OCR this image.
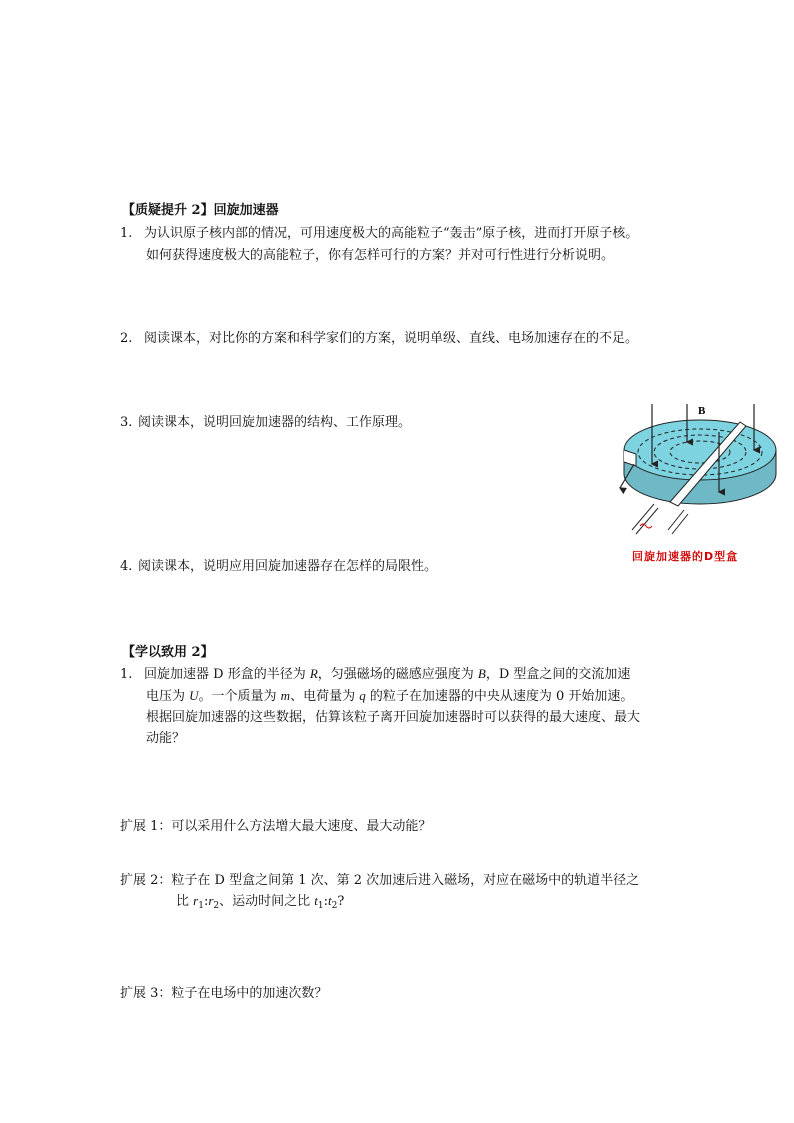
【质疑提升 2】回旋加速器
1. 为认识原子核内部的情况，可用速度极大的高能粒子“轰击”原子核，进而打开原子核。
如何获得速度极大的高能粒子，你有怎样可行的方案？并对可行性进行分析说明。
2. 阅读课本，对比你的方案和科学家们的方案，说明单级、直线、电场加速存在的不足。
3. 阅读课本，说明回旋加速器的结构、工作原理。
4. 阅读课本，说明应用回旋加速器存在怎样的局限性。
B
回旋加速器的D型盒
【学以致用 2】
1. 回旋加速器 D 形盒的半径为 R，匀强磁场的磁感应强度为 B，D 型盒之间的交流加速
电压为 U。一个质量为 m、电荷量为 q 的粒子在加速器的中央从速度为 0 开始加速。
根据回旋加速器的这些数据，估算该粒子离开回旋加速器时可以获得的最大速度、最大
动能？
扩展 1：可以采用什么方法增大最大速度、最大动能？
扩展 2：粒子在 D 型盒之间第 1 次、第 2 次加速后进入磁场，对应在磁场中的轨道半径之
比 $r_1:r_2$、运动时间之比 $t_1:t_2$?
扩展 3：粒子在电场中的加速次数？
